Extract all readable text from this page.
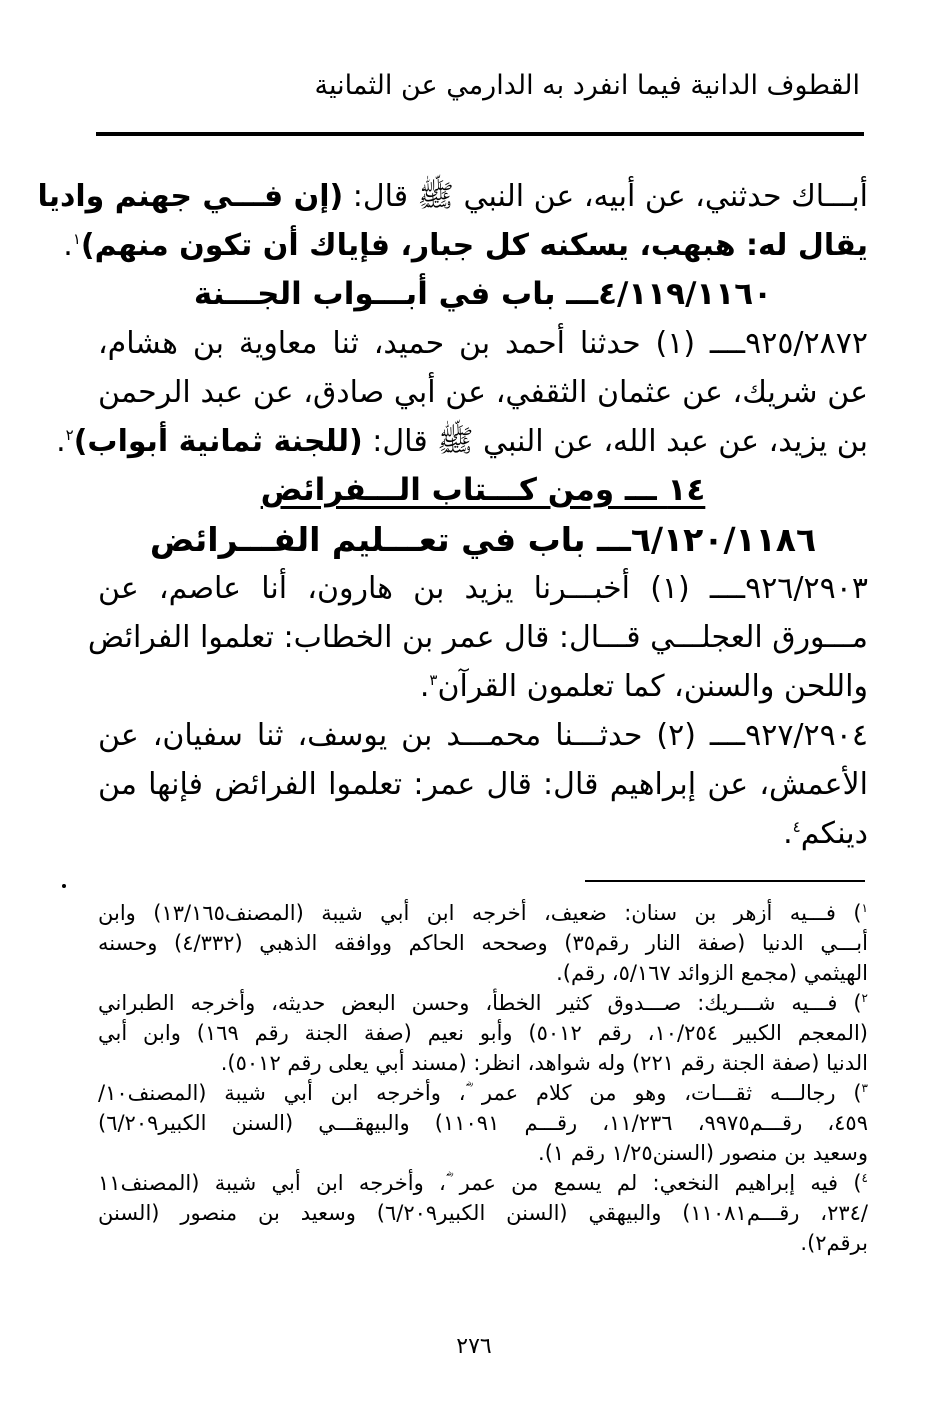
القطوف الدانية فيما انفرد به الدارمي عن الثمانية
أبـــاك حدثني، عن أبيه، عن النبي ﷺ قال: (إن فـــي جهنم واديا
يقال له: هبهب، يسكنه كل جبار، فإياك أن تكون منهم)$^١$.
٤/١١٩/١١٦٠ـــ باب في أبـــواب الجـــنة
٩٢٥/٢٨٧٢ــــ (١) حدثنا أحمد بن حميد، ثنا معاوية بن هشام،
عن شريك، عن عثمان الثقفي، عن أبي صادق، عن عبد الرحمن
بن يزيد، عن عبد الله، عن النبي ﷺ قال: (للجنة ثمانية أبواب)$^٢$.
١٤ ـــ ومن كـــتاب الـــفرائض
٦/١٢٠/١١٨٦ـــ باب في تعـــليم الفـــرائض
٩٢٦/٢٩٠٣ــــ (١) أخبـــرنا يزيد بن هارون، أنا عاصم، عن
مـــورق العجلـــي قـــال: قال عمر بن الخطاب: تعلموا الفرائض
واللحن والسنن، كما تعلمون القرآن$^٣$.
٩٢٧/٢٩٠٤ــــ (٢) حدثـــنا محمـــد بن يوسف، ثنا سفيان، عن
الأعمش، عن إبراهيم قال: قال عمر: تعلموا الفرائض فإنها من
دينكم$^٤$.
$^١$) فـــيه أزهر بن سنان: ضعيف، أخرجه ابن أبي شيبة (المصنف١٣/١٦٥) وابن
أبـــي الدنيا (صفة النار رقم٣٥) وصححه الحاكم ووافقه الذهبي (٤/٣٣٢) وحسنه
الهيثمي (مجمع الزوائد ٥/١٦٧، رقم).
$^٢$) فـــيه شـــريك: صـــدوق كثير الخطأ، وحسن البعض حديثه، وأخرجه الطبراني
(المعجم الكبير ١٠/٢٥٤، رقم ٥٠١٢) وأبو نعيم (صفة الجنة رقم ١٦٩) وابن أبي
الدنيا (صفة الجنة رقم ٢٢١) وله شواهد، انظر: (مسند أبي يعلى رقم ٥٠١٢).
$^٣$) رجالـــه ثقـــات، وهو من كلام عمر ؓ، وأخرجه ابن أبي شيبة (المصنف١٠/
٤٥٩، رقـــم٩٩٧٥، ١١/٢٣٦، رقـــم ١١٠٩١) والبيهقـــي (السنن الكبير٦/٢٠٩)
وسعيد بن منصور (السنن١/٢٥ رقم ١).
$^٤$) فيه إبراهيم النخعي: لم يسمع من عمر ؓ، وأخرجه ابن أبي شيبة (المصنف١١
/٢٣٤، رقـــم١١٠٨١) والبيهقي (السنن الكبير٦/٢٠٩) وسعيد بن منصور (السنن
برقم٢).
٢٧٦
